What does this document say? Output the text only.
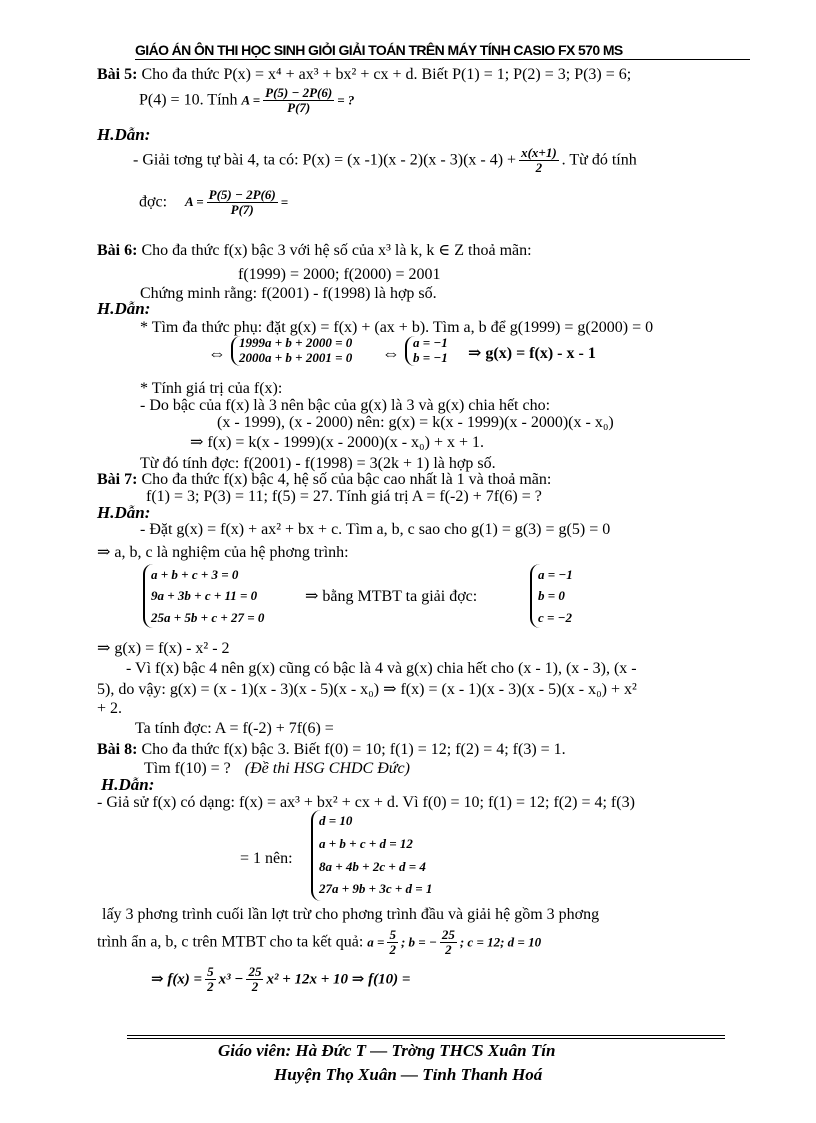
GIÁO ÁN ÔN THI HỌC SINH GIỎI GIẢI TOÁN TRÊN MÁY TÍNH CASIO FX 570 MS
Bài 5: Cho đa thức P(x) = x⁴ + ax³ + bx² + cx + d. Biết P(1) = 1; P(2) = 3; P(3) = 6;
P(4) = 10. Tính $A = \frac{P(5) - 2P(6)}{P(7)}$ = ?
H.Dẫn:
- Giải tơng tự bài 4, ta có: P(x) = (x $-1)(x - 2)(x - 3)(x - 4) + \frac{x(x+1)}{2}$ . Từ đó tính
đợc: $A = \frac{P(5) - 2P(6)}{P(7)}$ =
Bài 6: Cho đa thức f(x) bậc 3 với hệ số của x³ là k, k ∈ Z thoả mãn:
f(1999) = 2000; f(2000) = 2001
Chứng minh rằng: f(2001) - f(1998) là hợp số.
H.Dẫn:
* Tìm đa thức phụ: đặt g(x) = f(x) + (ax + b). Tìm a, b để g(1999) = g(2000) = 0
⇔
1999a + b + 2000 = 0
2000a + b + 2001 = 0 ⇔
a = −1
b = −1 ⇒ g(x) = f(x) - x - 1
* Tính giá trị của f(x):
- Do bậc của f(x) là 3 nên bậc của g(x) là 3 và g(x) chia hết cho:
(x - 1999), (x - 2000) nên: g(x) = k(x - 1999)(x - 2000)(x - x₀)
⇒ f(x) = k(x - 1999)(x - 2000)(x - x₀) + x + 1.
Từ đó tính đợc: f(2001) - f(1998) = 3(2k + 1) là hợp số.
Bài 7: Cho đa thức f(x) bậc 4, hệ số của bậc cao nhất là 1 và thoả mãn:
f(1) = 3; P(3) = 11; f(5) = 27. Tính giá trị A = f(-2) + 7f(6) = ?
H.Dẫn:
- Đặt g(x) = f(x) + ax² + bx + c. Tìm a, b, c sao cho g(1) = g(3) = g(5) = 0
⇒ a, b, c là nghiệm của hệ phơng trình:
a + b + c + 3 = 0
9a + 3b + c + 11 = 0
25a + 5b + c + 27 = 0
⇒ bằng MTBT ta giải đợc:
a = −1
b = 0
c = −2
⇒ g(x) = f(x) - x² - 2
- Vì f(x) bậc 4 nên g(x) cũng có bậc là 4 và g(x) chia hết cho (x - 1), (x - 3), (x -
5), do vậy: g(x) = (x - 1)(x - 3)(x - 5)(x - x₀) ⇒ f(x) = (x - 1)(x - 3)(x - 5)(x - x₀) + x²
+ 2.
Ta tính đợc: A = f(-2) + 7f(6) =
Bài 8: Cho đa thức f(x) bậc 3. Biết f(0) = 10; f(1) = 12; f(2) = 4; f(3) = 1.
Tìm f(10) = ? (Đề thi HSG CHDC Đức)
H.Dẫn:
- Giả sử f(x) có dạng: f(x) = ax³ + bx² + cx + d. Vì f(0) = 10; f(1) = 12; f(2) = 4; f(3)
= 1 nên:
d = 10
a + b + c + d = 12
8a + 4b + 2c + d = 4
27a + 9b + 3c + d = 1
lấy 3 phơng trình cuối lần lợt trừ cho phơng trình đầu và giải hệ gồm 3 phơng
trình ẩn a, b, c trên MTBT cho ta kết quả: $a = \frac{5}{2}$ ; b = − $\frac{25}{2}$ ; c = 12; d = 10
⇒ $f(x) = \frac{5}{2} x^3 - \frac{25}{2} x^2 + 12x + 10$ ⇒ f(10) =
Giáo viên: Hà Đức T — Trờng THCS Xuân Tín
Huyện Thọ Xuân — Tỉnh Thanh Hoá
